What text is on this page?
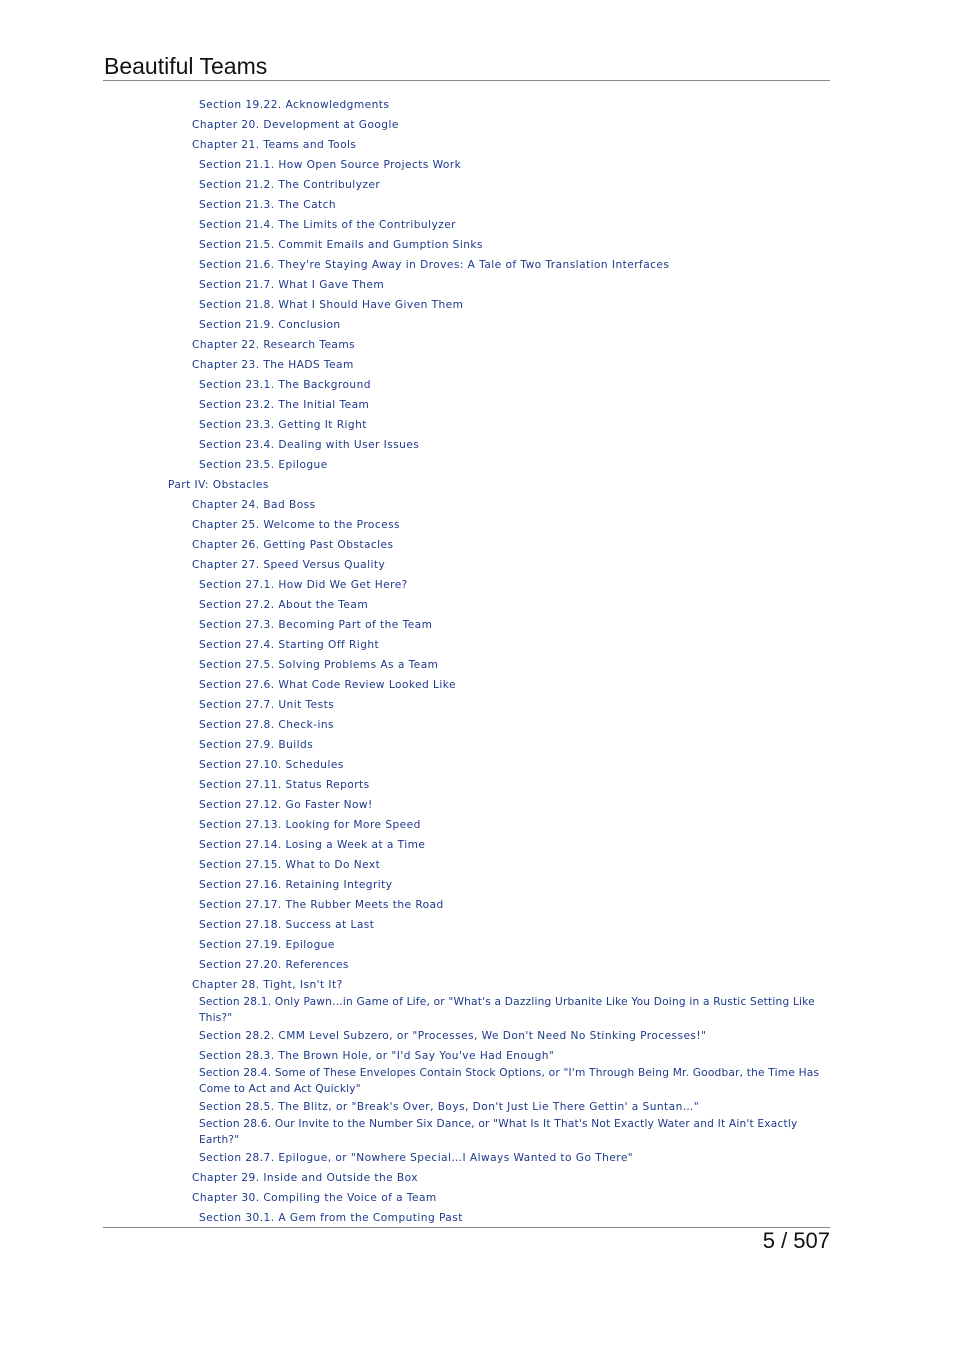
Beautiful Teams
Section 19.22. Acknowledgments
Chapter 20. Development at Google
Chapter 21. Teams and Tools
Section 21.1. How Open Source Projects Work
Section 21.2. The Contribulyzer
Section 21.3. The Catch
Section 21.4. The Limits of the Contribulyzer
Section 21.5. Commit Emails and Gumption Sinks
Section 21.6. They're Staying Away in Droves: A Tale of Two Translation Interfaces
Section 21.7. What I Gave Them
Section 21.8. What I Should Have Given Them
Section 21.9. Conclusion
Chapter 22. Research Teams
Chapter 23. The HADS Team
Section 23.1. The Background
Section 23.2. The Initial Team
Section 23.3. Getting It Right
Section 23.4. Dealing with User Issues
Section 23.5. Epilogue
Part IV: Obstacles
Chapter 24. Bad Boss
Chapter 25. Welcome to the Process
Chapter 26. Getting Past Obstacles
Chapter 27. Speed Versus Quality
Section 27.1. How Did We Get Here?
Section 27.2. About the Team
Section 27.3. Becoming Part of the Team
Section 27.4. Starting Off Right
Section 27.5. Solving Problems As a Team
Section 27.6. What Code Review Looked Like
Section 27.7. Unit Tests
Section 27.8. Check-ins
Section 27.9. Builds
Section 27.10. Schedules
Section 27.11. Status Reports
Section 27.12. Go Faster Now!
Section 27.13. Looking for More Speed
Section 27.14. Losing a Week at a Time
Section 27.15. What to Do Next
Section 27.16. Retaining Integrity
Section 27.17. The Rubber Meets the Road
Section 27.18. Success at Last
Section 27.19. Epilogue
Section 27.20. References
Chapter 28. Tight, Isn't It?
Section 28.1. Only Pawn…in Game of Life, or "What's a Dazzling Urbanite Like You Doing in a Rustic Setting Like This?"
Section 28.2. CMM Level Subzero, or "Processes, We Don't Need No Stinking Processes!"
Section 28.3. The Brown Hole, or "I'd Say You've Had Enough"
Section 28.4. Some of These Envelopes Contain Stock Options, or "I'm Through Being Mr. Goodbar, the Time Has Come to Act and Act Quickly"
Section 28.5. The Blitz, or "Break's Over, Boys, Don't Just Lie There Gettin' a Suntan…"
Section 28.6. Our Invite to the Number Six Dance, or "What Is It That's Not Exactly Water and It Ain't Exactly Earth?"
Section 28.7. Epilogue, or "Nowhere Special…I Always Wanted to Go There"
Chapter 29. Inside and Outside the Box
Chapter 30. Compiling the Voice of a Team
Section 30.1. A Gem from the Computing Past
5 / 507
